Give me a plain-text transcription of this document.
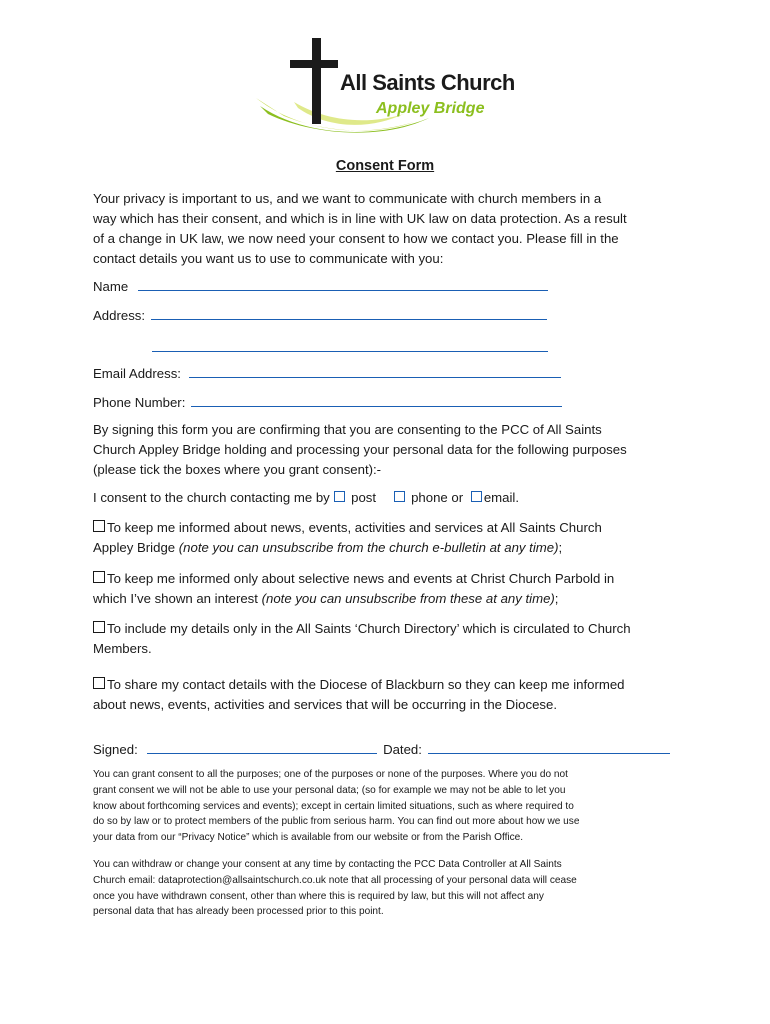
All Saints Church
Appley Bridge
Consent Form
Your privacy is important to us, and we want to communicate with church members in a
way which has their consent, and which is in line with UK law on data protection. As a result
of a change in UK law, we now need your consent to how we contact you. Please fill in the
contact details you want us to use to communicate with you:
Name
Address:
Email Address:
Phone Number:
By signing this form you are confirming that you are consenting to the PCC of All Saints
Church Appley Bridge holding and processing your personal data for the following purposes
(please tick the boxes where you grant consent):-
I consent to the church contacting me by post	phone or email.
To keep me informed about news, events, activities and services at All Saints Church
Appley Bridge (note you can unsubscribe from the church e-bulletin at any time);
To keep me informed only about selective news and events at Christ Church Parbold in
which I’ve shown an interest (note you can unsubscribe from these at any time);
To include my details only in the All Saints ‘Church Directory’ which is circulated to Church
Members.
To share my contact details with the Diocese of Blackburn so they can keep me informed
about news, events, activities and services that will be occurring in the Diocese.
Signed:	Dated:
You can grant consent to all the purposes; one of the purposes or none of the purposes. Where you do not
grant consent we will not be able to use your personal data; (so for example we may not be able to let you
know about forthcoming services and events); except in certain limited situations, such as where required to
do so by law or to protect members of the public from serious harm. You can find out more about how we use
your data from our “Privacy Notice” which is available from our website or from the Parish Office.
You can withdraw or change your consent at any time by contacting the PCC Data Controller at All Saints
Church email: dataprotection@allsaintschurch.co.uk note that all processing of your personal data will cease
once you have withdrawn consent, other than where this is required by law, but this will not affect any
personal data that has already been processed prior to this point.
